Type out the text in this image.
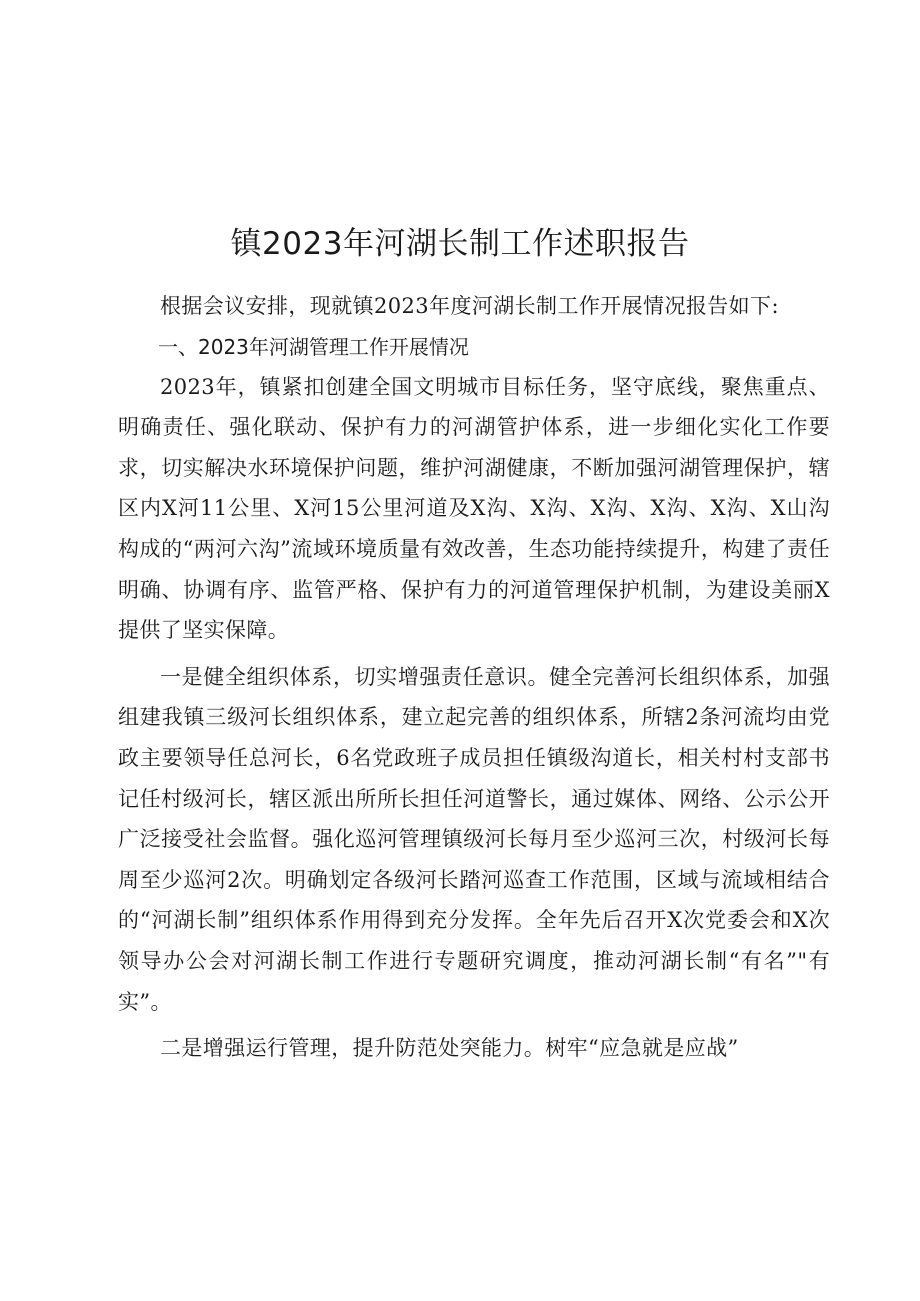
镇2023年河湖长制工作述职报告

根据会议安排，现就镇2023年度河湖长制工作开展情况报告如下:

一、2023年河湖管理工作开展情况

2023年，镇紧扣创建全国文明城市目标任务，坚守底线，聚焦重点、明确责任、强化联动、保护有力的河湖管护体系，进一步细化实化工作要求，切实解决水环境保护问题，维护河湖健康，不断加强河湖管理保护，辖区内X河11公里、X河15公里河道及X沟、X沟、X沟、X沟、X沟、X山沟构成的“两河六沟”流域环境质量有效改善，生态功能持续提升，构建了责任明确、协调有序、监管严格、保护有力的河道管理保护机制，为建设美丽X提供了坚实保障。

一是健全组织体系，切实增强责任意识。健全完善河长组织体系，加强组建我镇三级河长组织体系，建立起完善的组织体系，所辖2条河流均由党政主要领导任总河长，6名党政班子成员担任镇级沟道长，相关村村支部书记任村级河长，辖区派出所所长担任河道警长，通过媒体、网络、公示公开广泛接受社会监督。强化巡河管理镇级河长每月至少巡河三次，村级河长每周至少巡河2次。明确划定各级河长踏河巡查工作范围，区域与流域相结合的“河湖长制”组织体系作用得到充分发挥。全年先后召开X次党委会和X次领导办公会对河湖长制工作进行专题研究调度，推动河湖长制“有名”"有实”。

二是增强运行管理，提升防范处突能力。树牢“应急就是应战”
